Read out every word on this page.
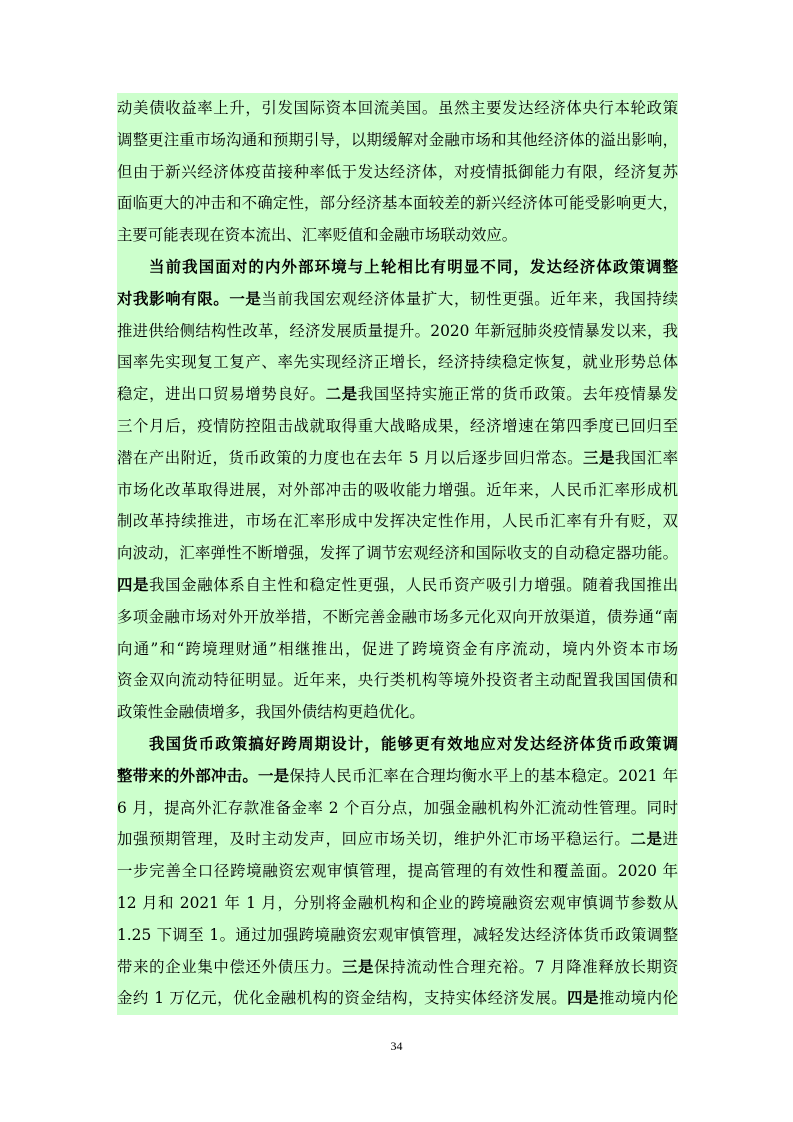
动美债收益率上升，引发国际资本回流美国。虽然主要发达经济体央行本轮政策
调整更注重市场沟通和预期引导，以期缓解对金融市场和其他经济体的溢出影响，
但由于新兴经济体疫苗接种率低于发达经济体，对疫情抵御能力有限，经济复苏
面临更大的冲击和不确定性，部分经济基本面较差的新兴经济体可能受影响更大，
主要可能表现在资本流出、汇率贬值和金融市场联动效应。
当前我国面对的内外部环境与上轮相比有明显不同，发达经济体政策调整
对我影响有限。一是当前我国宏观经济体量扩大，韧性更强。近年来，我国持续
推进供给侧结构性改革，经济发展质量提升。2020 年新冠肺炎疫情暴发以来，我
国率先实现复工复产、率先实现经济正增长，经济持续稳定恢复，就业形势总体
稳定，进出口贸易增势良好。二是我国坚持实施正常的货币政策。去年疫情暴发
三个月后，疫情防控阻击战就取得重大战略成果，经济增速在第四季度已回归至
潜在产出附近，货币政策的力度也在去年 5 月以后逐步回归常态。三是我国汇率
市场化改革取得进展，对外部冲击的吸收能力增强。近年来，人民币汇率形成机
制改革持续推进，市场在汇率形成中发挥决定性作用，人民币汇率有升有贬，双
向波动，汇率弹性不断增强，发挥了调节宏观经济和国际收支的自动稳定器功能。
四是我国金融体系自主性和稳定性更强，人民币资产吸引力增强。随着我国推出
多项金融市场对外开放举措，不断完善金融市场多元化双向开放渠道，债券通“南
向通”和“跨境理财通”相继推出，促进了跨境资金有序流动，境内外资本市场
资金双向流动特征明显。近年来，央行类机构等境外投资者主动配置我国国债和
政策性金融债增多，我国外债结构更趋优化。
我国货币政策搞好跨周期设计，能够更有效地应对发达经济体货币政策调
整带来的外部冲击。一是保持人民币汇率在合理均衡水平上的基本稳定。2021 年
6 月，提高外汇存款准备金率 2 个百分点，加强金融机构外汇流动性管理。同时
加强预期管理，及时主动发声，回应市场关切，维护外汇市场平稳运行。二是进
一步完善全口径跨境融资宏观审慎管理，提高管理的有效性和覆盖面。2020 年
12 月和 2021 年 1 月，分别将金融机构和企业的跨境融资宏观审慎调节参数从
1.25 下调至 1。通过加强跨境融资宏观审慎管理，减轻发达经济体货币政策调整
带来的企业集中偿还外债压力。三是保持流动性合理充裕。7 月降准释放长期资
金约 1 万亿元，优化金融机构的资金结构，支持实体经济发展。四是推动境内伦
34
